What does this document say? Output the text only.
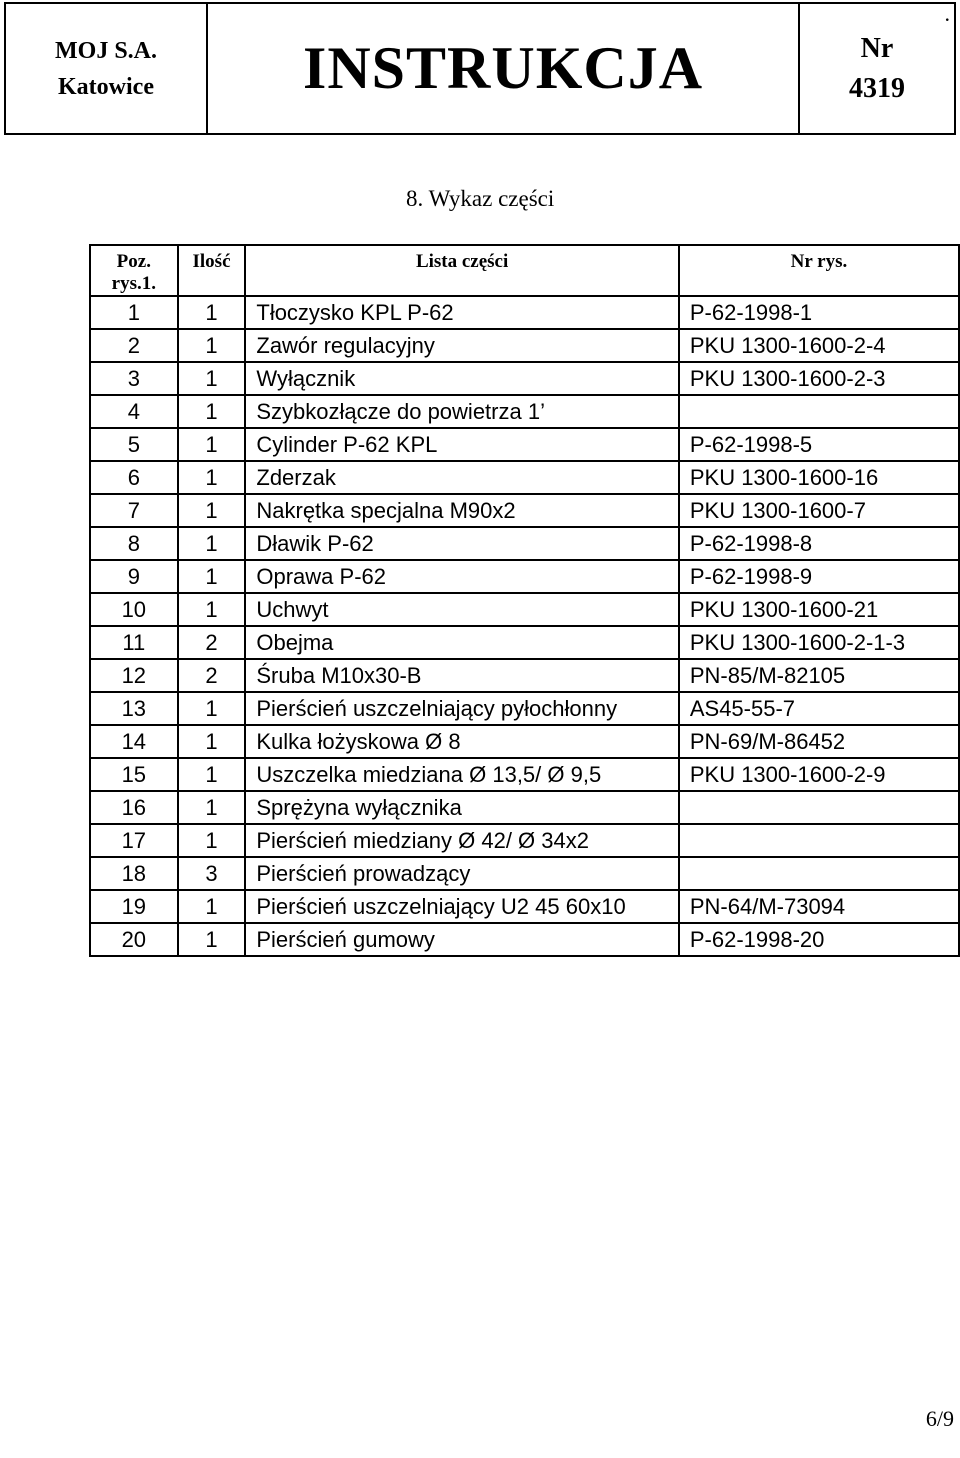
MOJ S.A.
Katowice	INSTRUKCJA
.
Nr
4319
8. Wykaz części
Poz.
rys.1.	Ilość	Lista części	Nr rys.
1	1	Tłoczysko KPL P-62	P-62-1998-1
2	1	Zawór regulacyjny	PKU 1300-1600-2-4
3	1	Wyłącznik	PKU 1300-1600-2-3
4	1	Szybkozłącze do powietrza 1’	
5	1	Cylinder P-62 KPL	P-62-1998-5
6	1	Zderzak	PKU 1300-1600-16
7	1	Nakrętka specjalna M90x2	PKU 1300-1600-7
8	1	Dławik P-62	P-62-1998-8
9	1	Oprawa P-62	P-62-1998-9
10	1	Uchwyt	PKU 1300-1600-21
11	2	Obejma	PKU 1300-1600-2-1-3
12	2	Śruba M10x30-B	PN-85/M-82105
13	1	Pierścień uszczelniający pyłochłonny	AS45-55-7
14	1	Kulka łożyskowa Ø 8	PN-69/M-86452
15	1	Uszczelka miedziana Ø 13,5/ Ø 9,5	PKU 1300-1600-2-9
16	1	Sprężyna wyłącznika	
17	1	Pierścień miedziany Ø 42/ Ø 34x2	
18	3	Pierścień prowadzący	
19	1	Pierścień uszczelniający U2 45 60x10	PN-64/M-73094
20	1	Pierścień gumowy	P-62-1998-20
6/9
